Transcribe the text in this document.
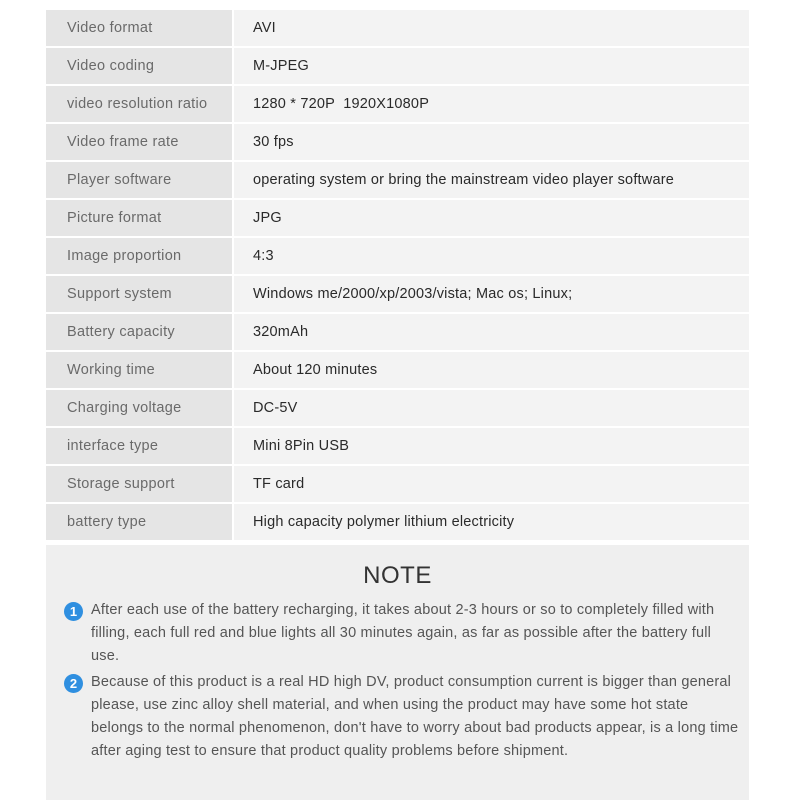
Video format	AVI
Video coding	M-JPEG
video resolution ratio	1280 * 720P  1920X1080P
Video frame rate	30 fps
Player software	operating system or bring the mainstream video player software
Picture format	JPG
Image proportion	4:3
Support system	Windows me/2000/xp/2003/vista; Mac os; Linux;
Battery capacity	320mAh
Working time	About 120 minutes
Charging voltage	DC-5V
interface type	Mini 8Pin USB
Storage support	TF card
battery type	High capacity polymer lithium electricity
NOTE
1 After each use of the battery recharging, it takes about 2-3 hours or so to completely filled with filling, each full red and blue lights all 30 minutes again, as far as possible after the battery full use.

2 Because of this product is a real HD high DV, product consumption current is bigger than general please, use zinc alloy shell material, and when using the product may have some hot state belongs to the normal phenomenon, don't have to worry about bad products appear, is a long time after aging test to ensure that product quality problems before shipment.
